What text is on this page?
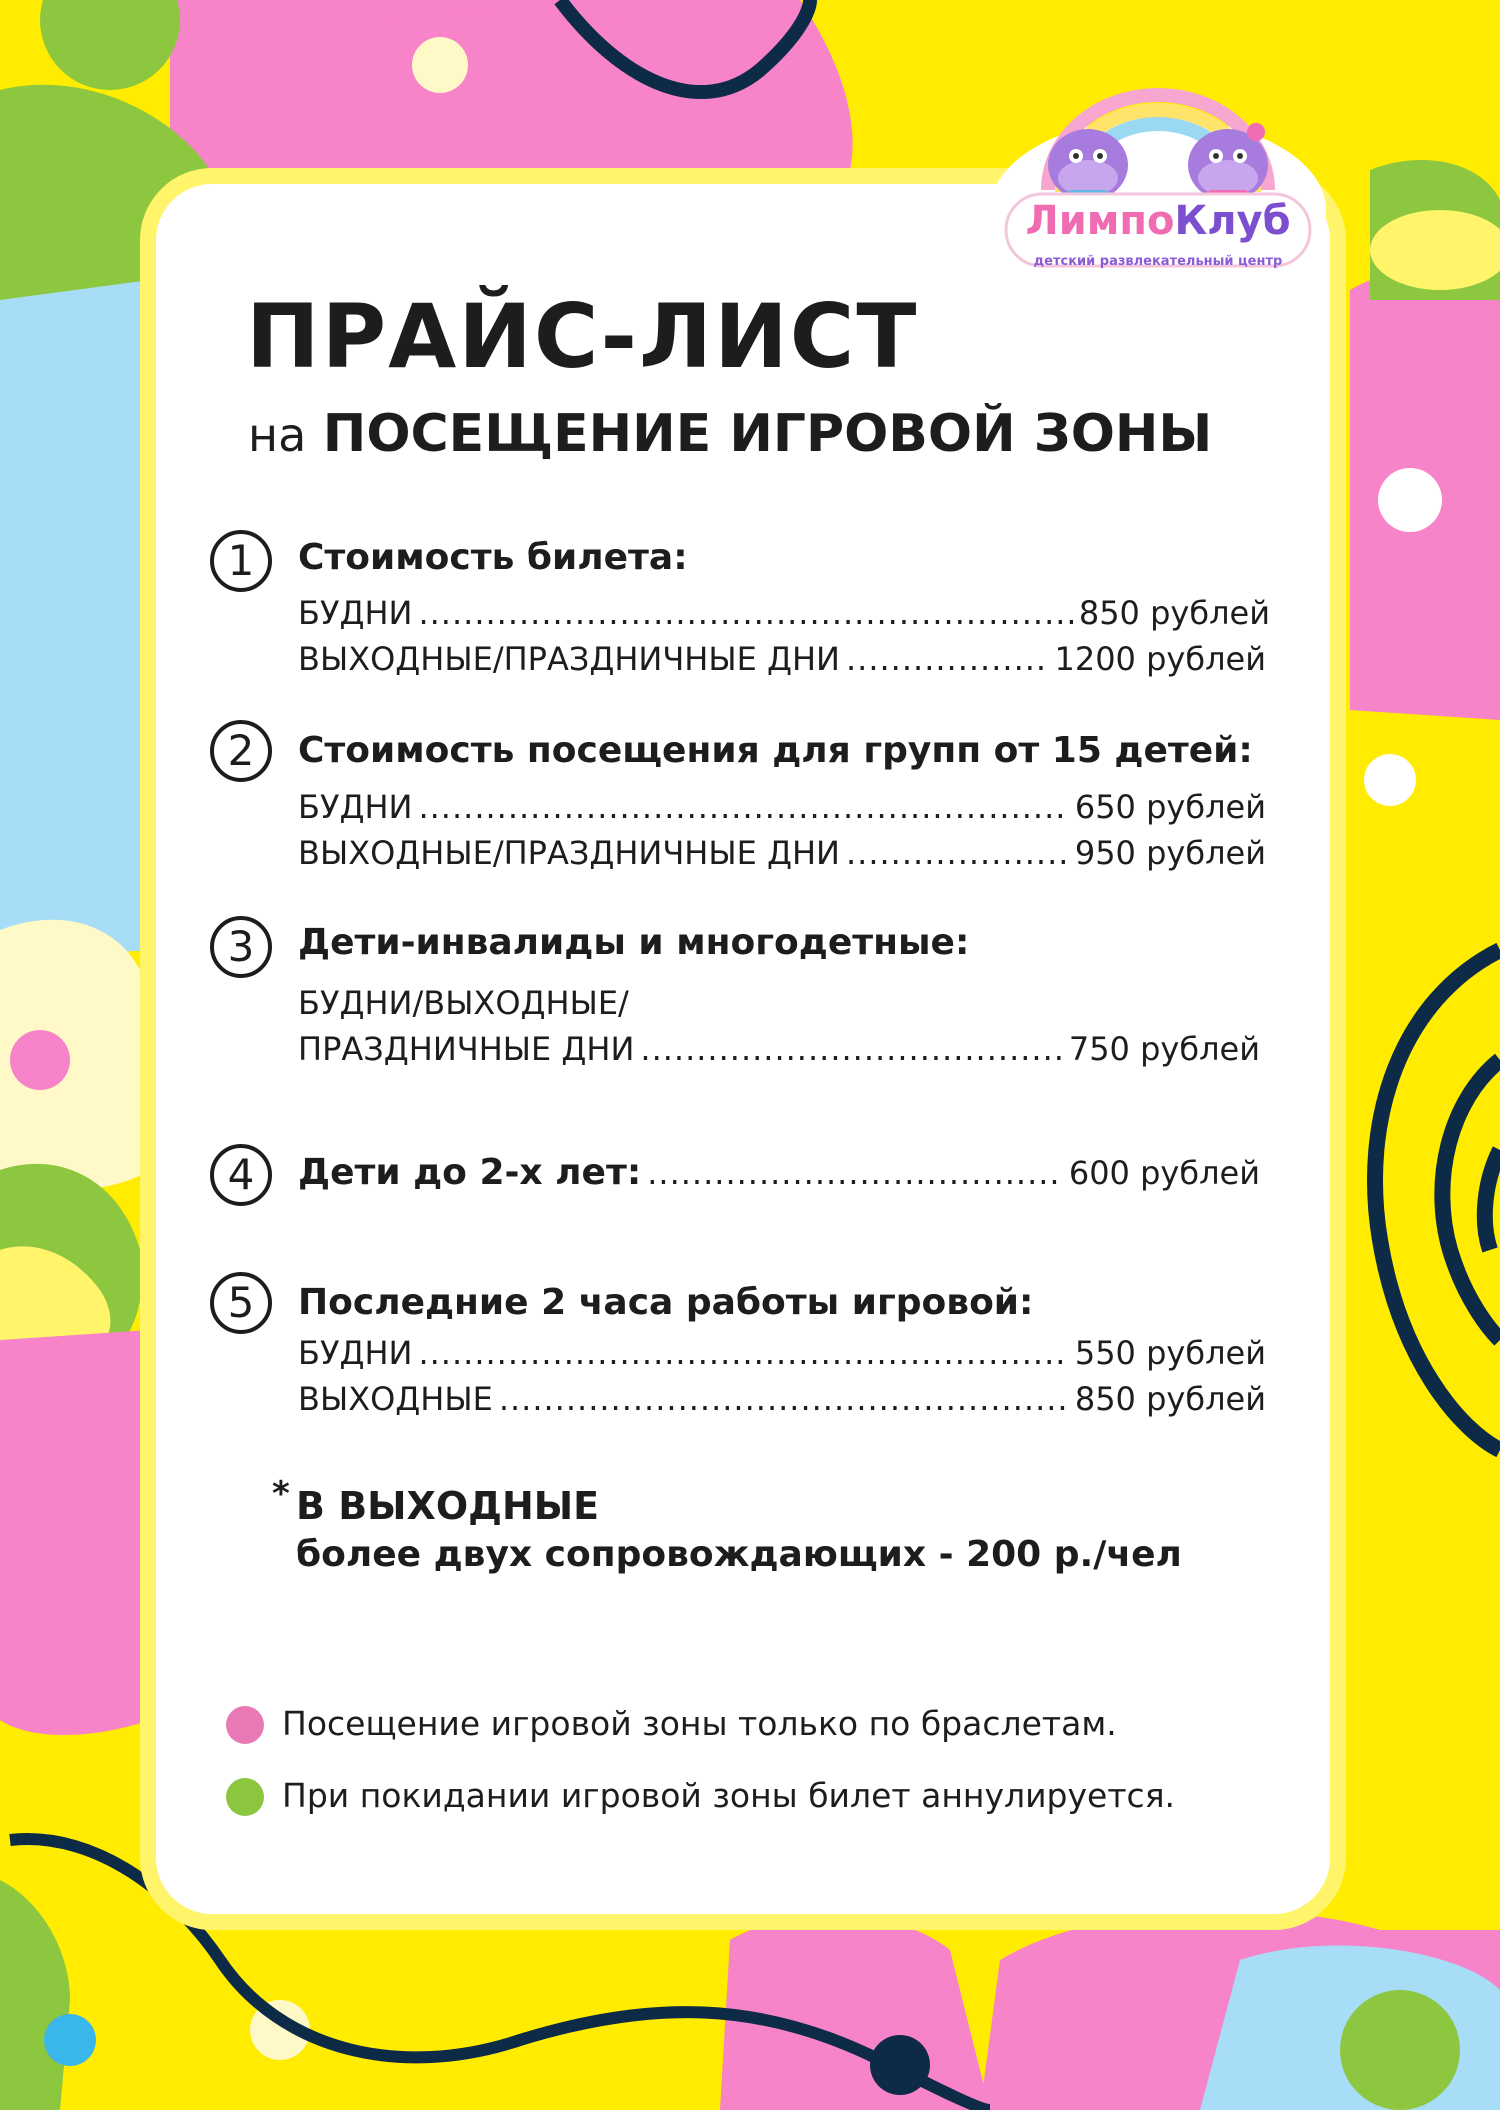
ЛимпоКлуб
детский развлекательный центр
ПРАЙС-ЛИСТ
на ПОСЕЩЕНИЕ ИГРОВОЙ ЗОНЫ
1	Стоимость билета:
БУДНИ .....	850 рублей
ВЫХОДНЫЕ/ПРАЗДНИЧНЫЕ ДНИ .....	1200 рублей
2	Стоимость посещения для групп от 15 детей:
БУДНИ .....	650 рублей
ВЫХОДНЫЕ/ПРАЗДНИЧНЫЕ ДНИ .....	950 рублей
3	Дети-инвалиды и многодетные:
БУДНИ/ВЫХОДНЫЕ/
ПРАЗДНИЧНЫЕ ДНИ .....	750 рублей
4	Дети до 2-х лет: .....	600 рублей
5	Последние 2 часа работы игровой:
БУДНИ .....	550 рублей
ВЫХОДНЫЕ .....	850 рублей
* В ВЫХОДНЫЕ
более двух сопровождающих - 200 р./чел
Посещение игровой зоны только по браслетам.
При покидании игровой зоны билет аннулируется.
